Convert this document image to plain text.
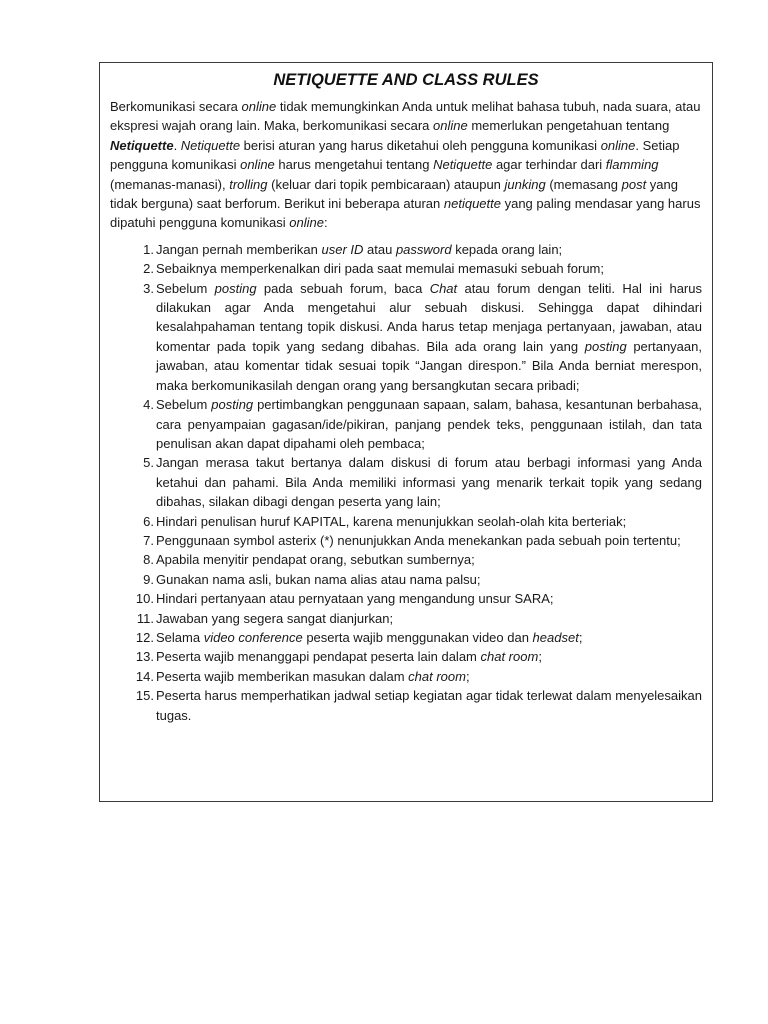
NETIQUETTE AND CLASS RULES

Berkomunikasi secara online tidak memungkinkan Anda untuk melihat bahasa tubuh, nada suara, atau ekspresi wajah orang lain. Maka, berkomunikasi secara online memerlukan pengetahuan tentang Netiquette. Netiquette berisi aturan yang harus diketahui oleh pengguna komunikasi online. Setiap pengguna komunikasi online harus mengetahui tentang Netiquette agar terhindar dari flamming (memanas-manasi), trolling (keluar dari topik pembicaraan) ataupun junking (memasang post yang tidak berguna) saat berforum. Berikut ini beberapa aturan netiquette yang paling mendasar yang harus dipatuhi pengguna komunikasi online:

1. Jangan pernah memberikan user ID atau password kepada orang lain;
2. Sebaiknya memperkenalkan diri pada saat memulai memasuki sebuah forum;
3. Sebelum posting pada sebuah forum, baca Chat atau forum dengan teliti. Hal ini harus dilakukan agar Anda mengetahui alur sebuah diskusi. Sehingga dapat dihindari kesalahpahaman tentang topik diskusi. Anda harus tetap menjaga pertanyaan, jawaban, atau komentar pada topik yang sedang dibahas. Bila ada orang lain yang posting pertanyaan, jawaban, atau komentar tidak sesuai topik “Jangan direspon.” Bila Anda berniat merespon, maka berkomunikasilah dengan orang yang bersangkutan secara pribadi;
4. Sebelum posting pertimbangkan penggunaan sapaan, salam, bahasa, kesantunan berbahasa, cara penyampaian gagasan/ide/pikiran, panjang pendek teks, penggunaan istilah, dan tata penulisan akan dapat dipahami oleh pembaca;
5. Jangan merasa takut bertanya dalam diskusi di forum atau berbagi informasi yang Anda ketahui dan pahami. Bila Anda memiliki informasi yang menarik terkait topik yang sedang dibahas, silakan dibagi dengan peserta yang lain;
6. Hindari penulisan huruf KAPITAL, karena menunjukkan seolah-olah kita berteriak;
7. Penggunaan symbol asterix (*) nenunjukkan Anda menekankan pada sebuah poin tertentu;
8. Apabila menyitir pendapat orang, sebutkan sumbernya;
9. Gunakan nama asli, bukan nama alias atau nama palsu;
10. Hindari pertanyaan atau pernyataan yang mengandung unsur SARA;
11. Jawaban yang segera sangat dianjurkan;
12. Selama video conference peserta wajib menggunakan video dan headset;
13. Peserta wajib menanggapi pendapat peserta lain dalam chat room;
14. Peserta wajib memberikan masukan dalam chat room;
15. Peserta harus memperhatikan jadwal setiap kegiatan agar tidak terlewat dalam menyelesaikan tugas.
